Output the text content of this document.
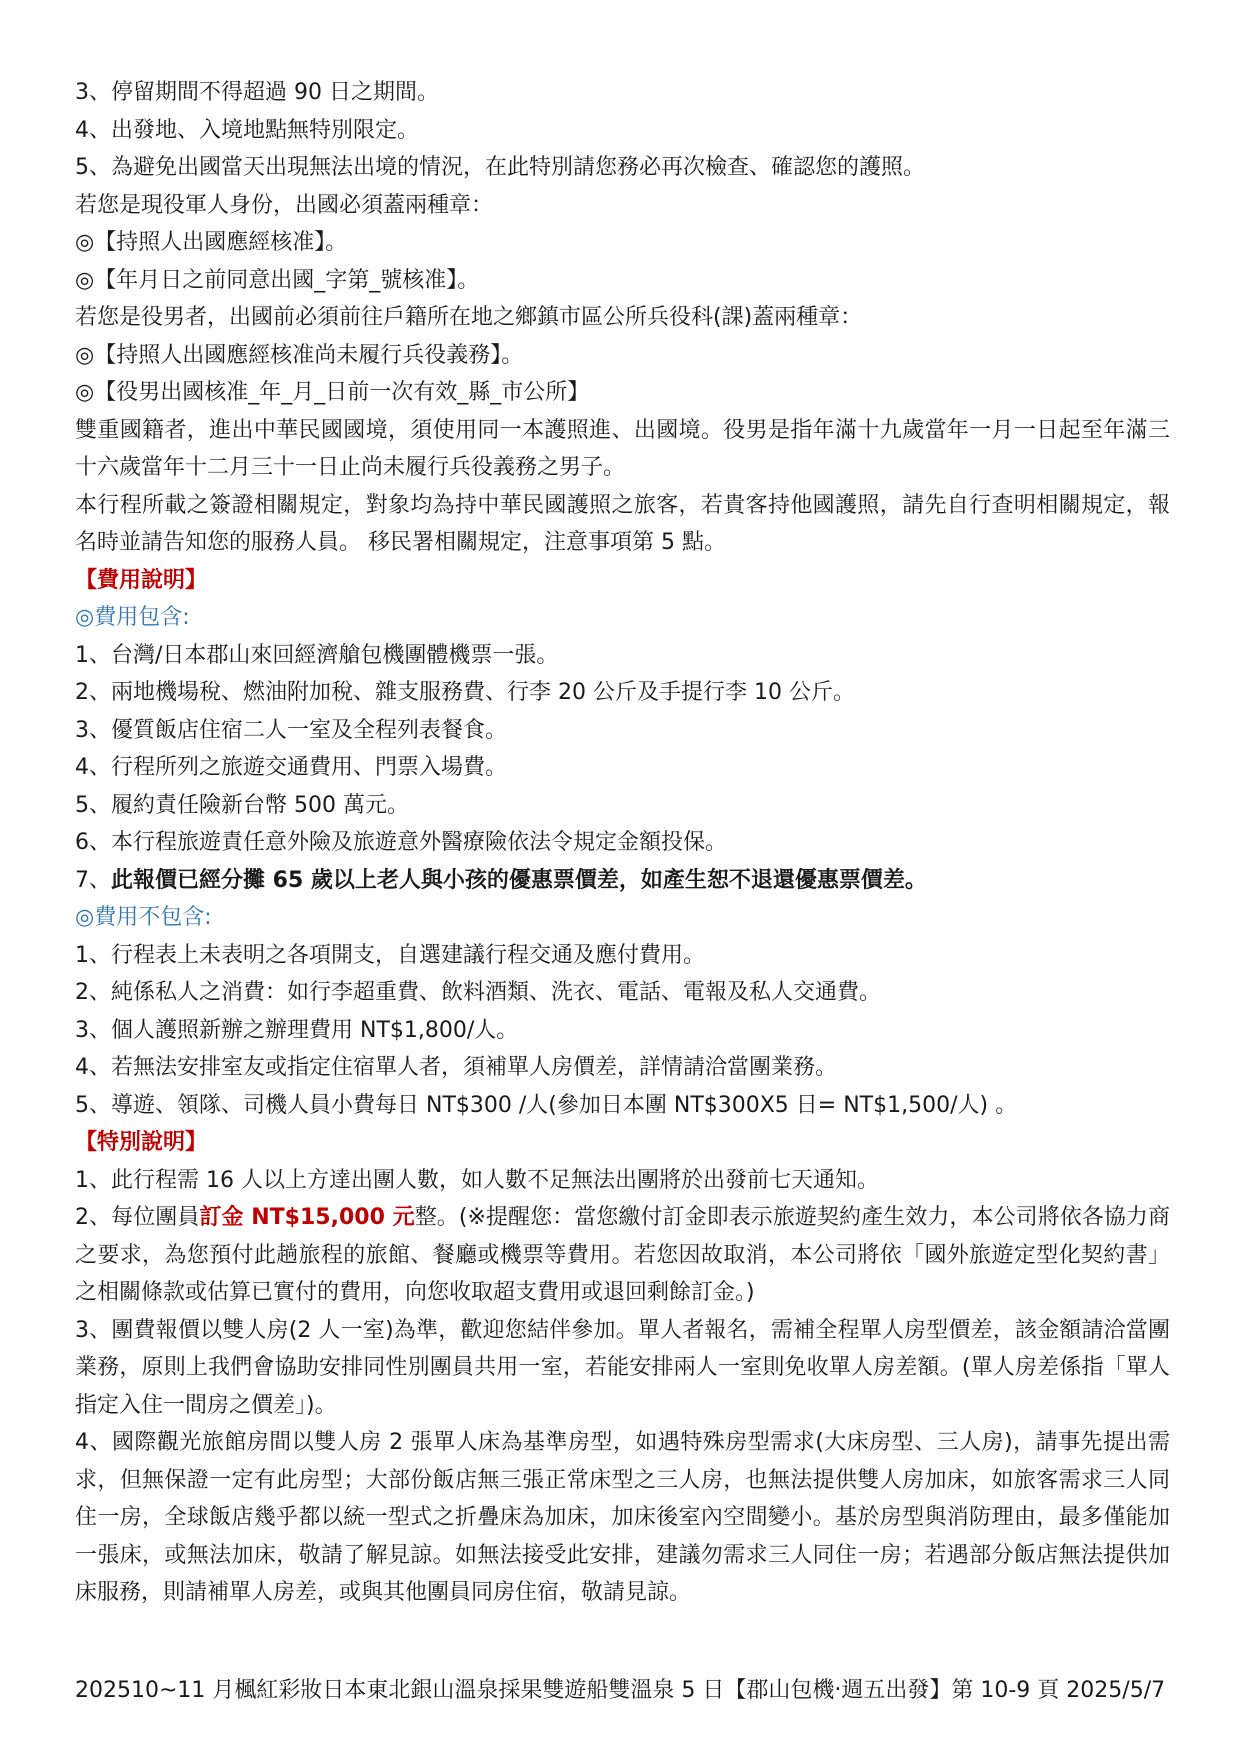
3、停留期間不得超過 90 日之期間。
4、出發地、入境地點無特別限定。
5、為避免出國當天出現無法出境的情況，在此特別請您務必再次檢查、確認您的護照。
若您是現役軍人身份，出國必須蓋兩種章：
◎【持照人出國應經核准】。
◎【年月日之前同意出國_字第_號核准】。
若您是役男者，出國前必須前往戶籍所在地之鄉鎮市區公所兵役科(課)蓋兩種章：
◎【持照人出國應經核准尚未履行兵役義務】。
◎【役男出國核准_年_月_日前一次有效_縣_市公所】
雙重國籍者，進出中華民國國境，須使用同一本護照進、出國境。役男是指年滿十九歲當年一月一日起至年滿三十六歲當年十二月三十一日止尚未履行兵役義務之男子。
本行程所載之簽證相關規定，對象均為持中華民國護照之旅客，若貴客持他國護照，請先自行查明相關規定，報名時並請告知您的服務人員。 移民署相關規定，注意事項第 5 點。
【費用說明】
◎費用包含:
1、台灣/日本郡山來回經濟艙包機團體機票一張。
2、兩地機場稅、燃油附加稅、雜支服務費、行李 20 公斤及手提行李 10 公斤。
3、優質飯店住宿二人一室及全程列表餐食。
4、行程所列之旅遊交通費用、門票入場費。
5、履約責任險新台幣 500 萬元。
6、本行程旅遊責任意外險及旅遊意外醫療險依法令規定金額投保。
7、此報價已經分攤 65 歲以上老人與小孩的優惠票價差，如產生恕不退還優惠票價差。
◎費用不包含:
1、行程表上未表明之各項開支，自選建議行程交通及應付費用。
2、純係私人之消費：如行李超重費、飲料酒類、洗衣、電話、電報及私人交通費。
3、個人護照新辦之辦理費用 NT$1,800/人。
4、若無法安排室友或指定住宿單人者，須補單人房價差，詳情請洽當團業務。
5、導遊、領隊、司機人員小費每日 NT$300 /人(參加日本團 NT$300X5 日= NT$1,500/人) 。
【特別說明】
1、此行程需 16 人以上方達出團人數，如人數不足無法出團將於出發前七天通知。
2、每位團員訂金 NT$15,000 元整。(※提醒您：當您繳付訂金即表示旅遊契約產生效力，本公司將依各協力商之要求，為您預付此趟旅程的旅館、餐廳或機票等費用。若您因故取消，本公司將依「國外旅遊定型化契約書」之相關條款或估算已實付的費用，向您收取超支費用或退回剩餘訂金。)
3、團費報價以雙人房(2 人一室)為準，歡迎您結伴參加。單人者報名，需補全程單人房型價差，該金額請洽當團業務，原則上我們會協助安排同性別團員共用一室，若能安排兩人一室則免收單人房差額。(單人房差係指「單人指定入住一間房之價差」)。
4、國際觀光旅館房間以雙人房 2 張單人床為基準房型，如遇特殊房型需求(大床房型、三人房)，請事先提出需求，但無保證一定有此房型；大部份飯店無三張正常床型之三人房，也無法提供雙人房加床，如旅客需求三人同住一房，全球飯店幾乎都以統一型式之折疊床為加床，加床後室內空間變小。基於房型與消防理由，最多僅能加一張床，或無法加床，敬請了解見諒。如無法接受此安排，建議勿需求三人同住一房；若遇部分飯店無法提供加床服務，則請補單人房差，或與其他團員同房住宿，敬請見諒。
202510~11 月楓紅彩妝日本東北銀山溫泉採果雙遊船雙溫泉 5 日【郡山包機‧週五出發】第 10-9 頁 2025/5/7
